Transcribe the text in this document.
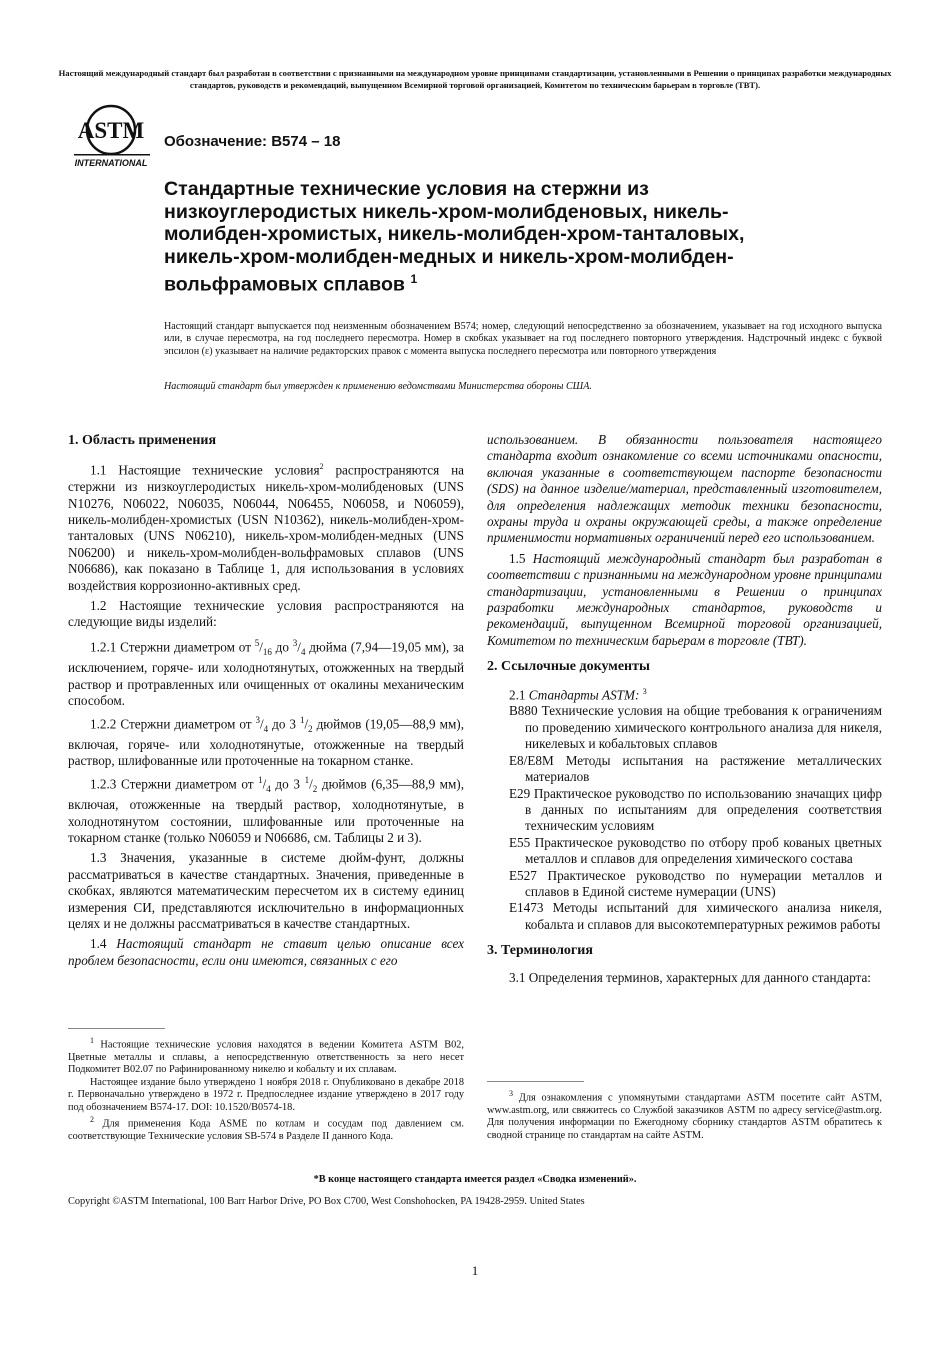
Настоящий международный стандарт был разработан в соответствии с признанными на международном уровне принципами стандартизации, установленными в Решении о принципах разработки международных стандартов, руководств и рекомендаций, выпущенном Всемирной торговой организацией, Комитетом по техническим барьерам в торговле (ТВТ).
ASTM
INTERNATIONAL
Обозначение: B574 – 18
Стандартные технические условия на стержни из низкоуглеродистых никель-хром-молибденовых, никель-молибден-хромистых, никель-молибден-хром-танталовых, никель-хром-молибден-медных и никель-хром-молибден-вольфрамовых сплавов $^1$
Настоящий стандарт выпускается под неизменным обозначением B574; номер, следующий непосредственно за обозначением, указывает на год исходного выпуска или, в случае пересмотра, на год последнего пересмотра. Номер в скобках указывает на год последнего повторного утверждения. Надстрочный индекс с буквой эпсилон (ε) указывает на наличие редакторских правок с момента выпуска последнего пересмотра или повторного утверждения
Настоящий стандарт был утвержден к применению ведомствами Министерства обороны США.

1. Область применения

1.1 Настоящие технические условия$^2$ распространяются на стержни из низкоуглеродистых никель-хром-молибденовых (UNS N10276, N06022, N06035, N06044, N06455, N06058, и N06059), никель-молибден-хромистых (USN N10362), никель-молибден-хром-танталовых (UNS N06210), никель-хром-молибден-медных (UNS N06200) и никель-хром-молибден-вольфрамовых сплавов (UNS N06686), как показано в Таблице 1, для использования в условиях воздействия коррозионно-активных сред.

1.2 Настоящие технические условия распространяются на следующие виды изделий:

1.2.1 Стержни диаметром от $^5/_{16}$ до $^3/_4$ дюйма (7,94—19,05 мм), за исключением, горяче- или холоднотянутых, отожженных на твердый раствор и протравленных или очищенных от окалины механическим способом.

1.2.2 Стержни диаметром от $^3/_4$ до 3 $^1/_2$ дюймов (19,05—88,9 мм), включая, горяче- или холоднотянутые, отожженные на твердый раствор, шлифованные или проточенные на токарном станке.

1.2.3 Стержни диаметром от $^1/_4$ до 3 $^1/_2$ дюймов (6,35—88,9 мм), включая, отожженные на твердый раствор, холоднотянутые, в холоднотянутом состоянии, шлифованные или проточенные на токарном станке (только N06059 и N06686, см. Таблицы 2 и 3).

1.3 Значения, указанные в системе дюйм-фунт, должны рассматриваться в качестве стандартных. Значения, приведенные в скобках, являются математическим пересчетом их в систему единиц измерения СИ, представляются исключительно в информационных целях и не должны рассматриваться в качестве стандартных.

1.4 Настоящий стандарт не ставит целью описание всех проблем безопасности, если они имеются, связанных с его

$^1$ Настоящие технические условия находятся в ведении Комитета ASTM B02, Цветные металлы и сплавы, а непосредственную ответственность за него несет Подкомитет B02.07 по Рафинированному никелю и кобальту и их сплавам.

Настоящее издание было утверждено 1 ноября 2018 г. Опубликовано в декабре 2018 г. Первоначально утверждено в 1972 г. Предпоследнее издание утверждено в 2017 году под обозначением B574-17. DOI: 10.1520/B0574-18.

$^2$ Для применения Кода ASME по котлам и сосудам под давлением см. соответствующие Технические условия SB-574 в Разделе II данного Кода.

использованием. В обязанности пользователя настоящего стандарта входит ознакомление со всеми источниками опасности, включая указанные в соответствующем паспорте безопасности (SDS) на данное изделие/материал, представленный изготовителем, для определения надлежащих методик техники безопасности, охраны труда и охраны окружающей среды, а также определение применимости нормативных ограничений перед его использованием.

1.5 Настоящий международный стандарт был разработан в соответствии с признанными на международном уровне принципами стандартизации, установленными в Решении о принципах разработки международных стандартов, руководств и рекомендаций, выпущенном Всемирной торговой организацией, Комитетом по техническим барьерам в торговле (ТВТ).

2. Ссылочные документы

2.1 Стандарты ASTM: $^3$

B880 Технические условия на общие требования к ограничениям по проведению химического контрольного анализа для никеля, никелевых и кобальтовых сплавов

E8/E8M Методы испытания на растяжение металлических материалов

E29 Практическое руководство по использованию значащих цифр в данных по испытаниям для определения соответствия техническим условиям

E55 Практическое руководство по отбору проб кованых цветных металлов и сплавов для определения химического состава

E527 Практическое руководство по нумерации металлов и сплавов в Единой системе нумерации (UNS)

E1473 Методы испытаний для химического анализа никеля, кобальта и сплавов для высокотемпературных режимов работы

3. Терминология

3.1 Определения терминов, характерных для данного стандарта:

$^3$ Для ознакомления с упомянутыми стандартами ASTM посетите сайт ASTM, www.astm.org, или свяжитесь со Службой заказчиков ASTM по адресу service@astm.org. Для получения информации по Ежегодному сборнику стандартов ASTM обратитесь к сводной странице по стандартам на сайте ASTM.

*В конце настоящего стандарта имеется раздел «Сводка изменений».
Copyright ©ASTM International, 100 Barr Harbor Drive, PO Box C700, West Conshohocken, PA 19428-2959. United States
1
